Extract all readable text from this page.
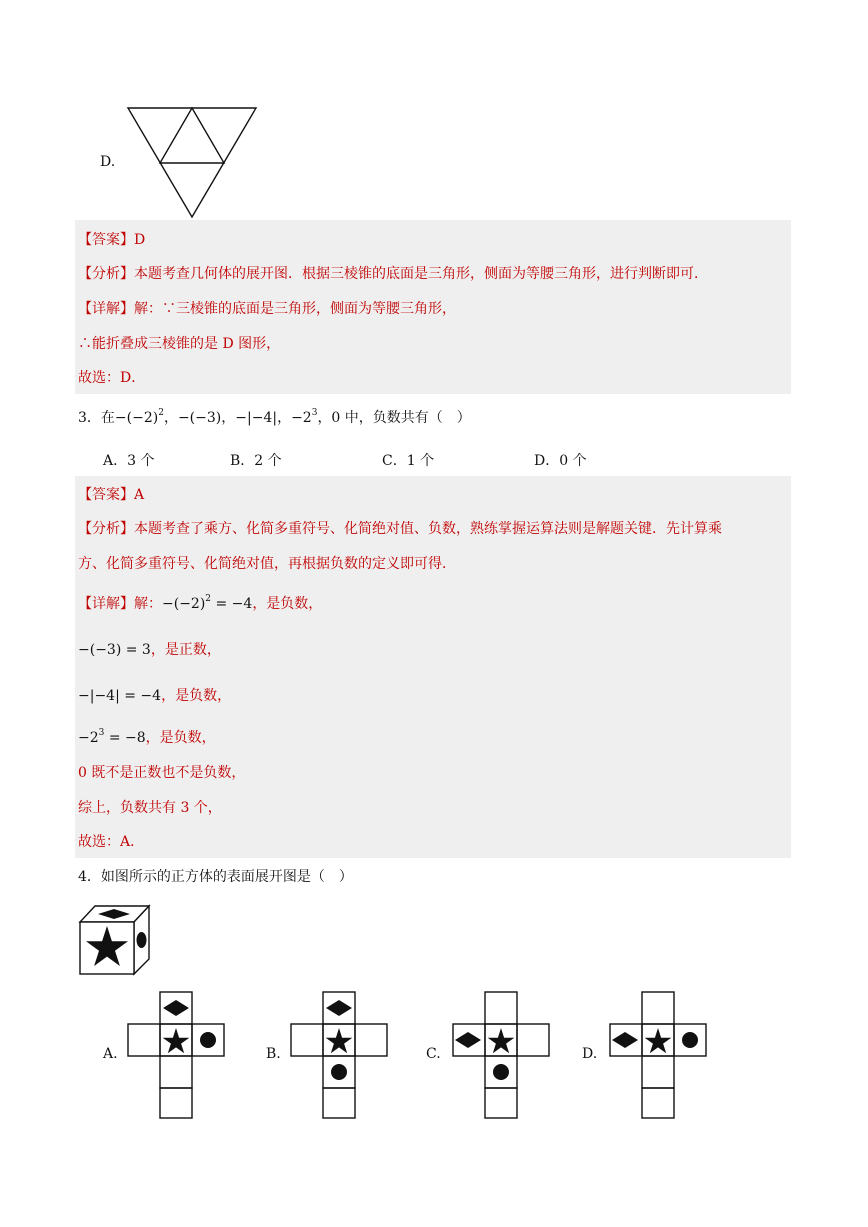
D.
【答案】D
【分析】本题考查几何体的展开图．根据三棱锥的底面是三角形，侧面为等腰三角形，进行判断即可．
【详解】解：∵三棱锥的底面是三角形，侧面为等腰三角形，
∴能折叠成三棱锥的是 D 图形，
故选：D．
3．在$-(-2)^2$，−(−3)，−|−4|，$-2^3$，0 中，负数共有（　）
A．3 个	B．2 个	C．1 个	D．0 个
【答案】A
【分析】本题考查了乘方、化简多重符号、化简绝对值、负数，熟练掌握运算法则是解题关键．先计算乘
方、化简多重符号、化简绝对值，再根据负数的定义即可得．
【详解】解：$-(-2)^2 = -4$，是负数，
−(−3) = 3，是正数，
−|−4| = −4，是负数，
$-2^3 = -8$，是负数，
0 既不是正数也不是负数，
综上，负数共有 3 个，
故选：A．
4．如图所示的正方体的表面展开图是（　）
A.	B.	C.	D.
